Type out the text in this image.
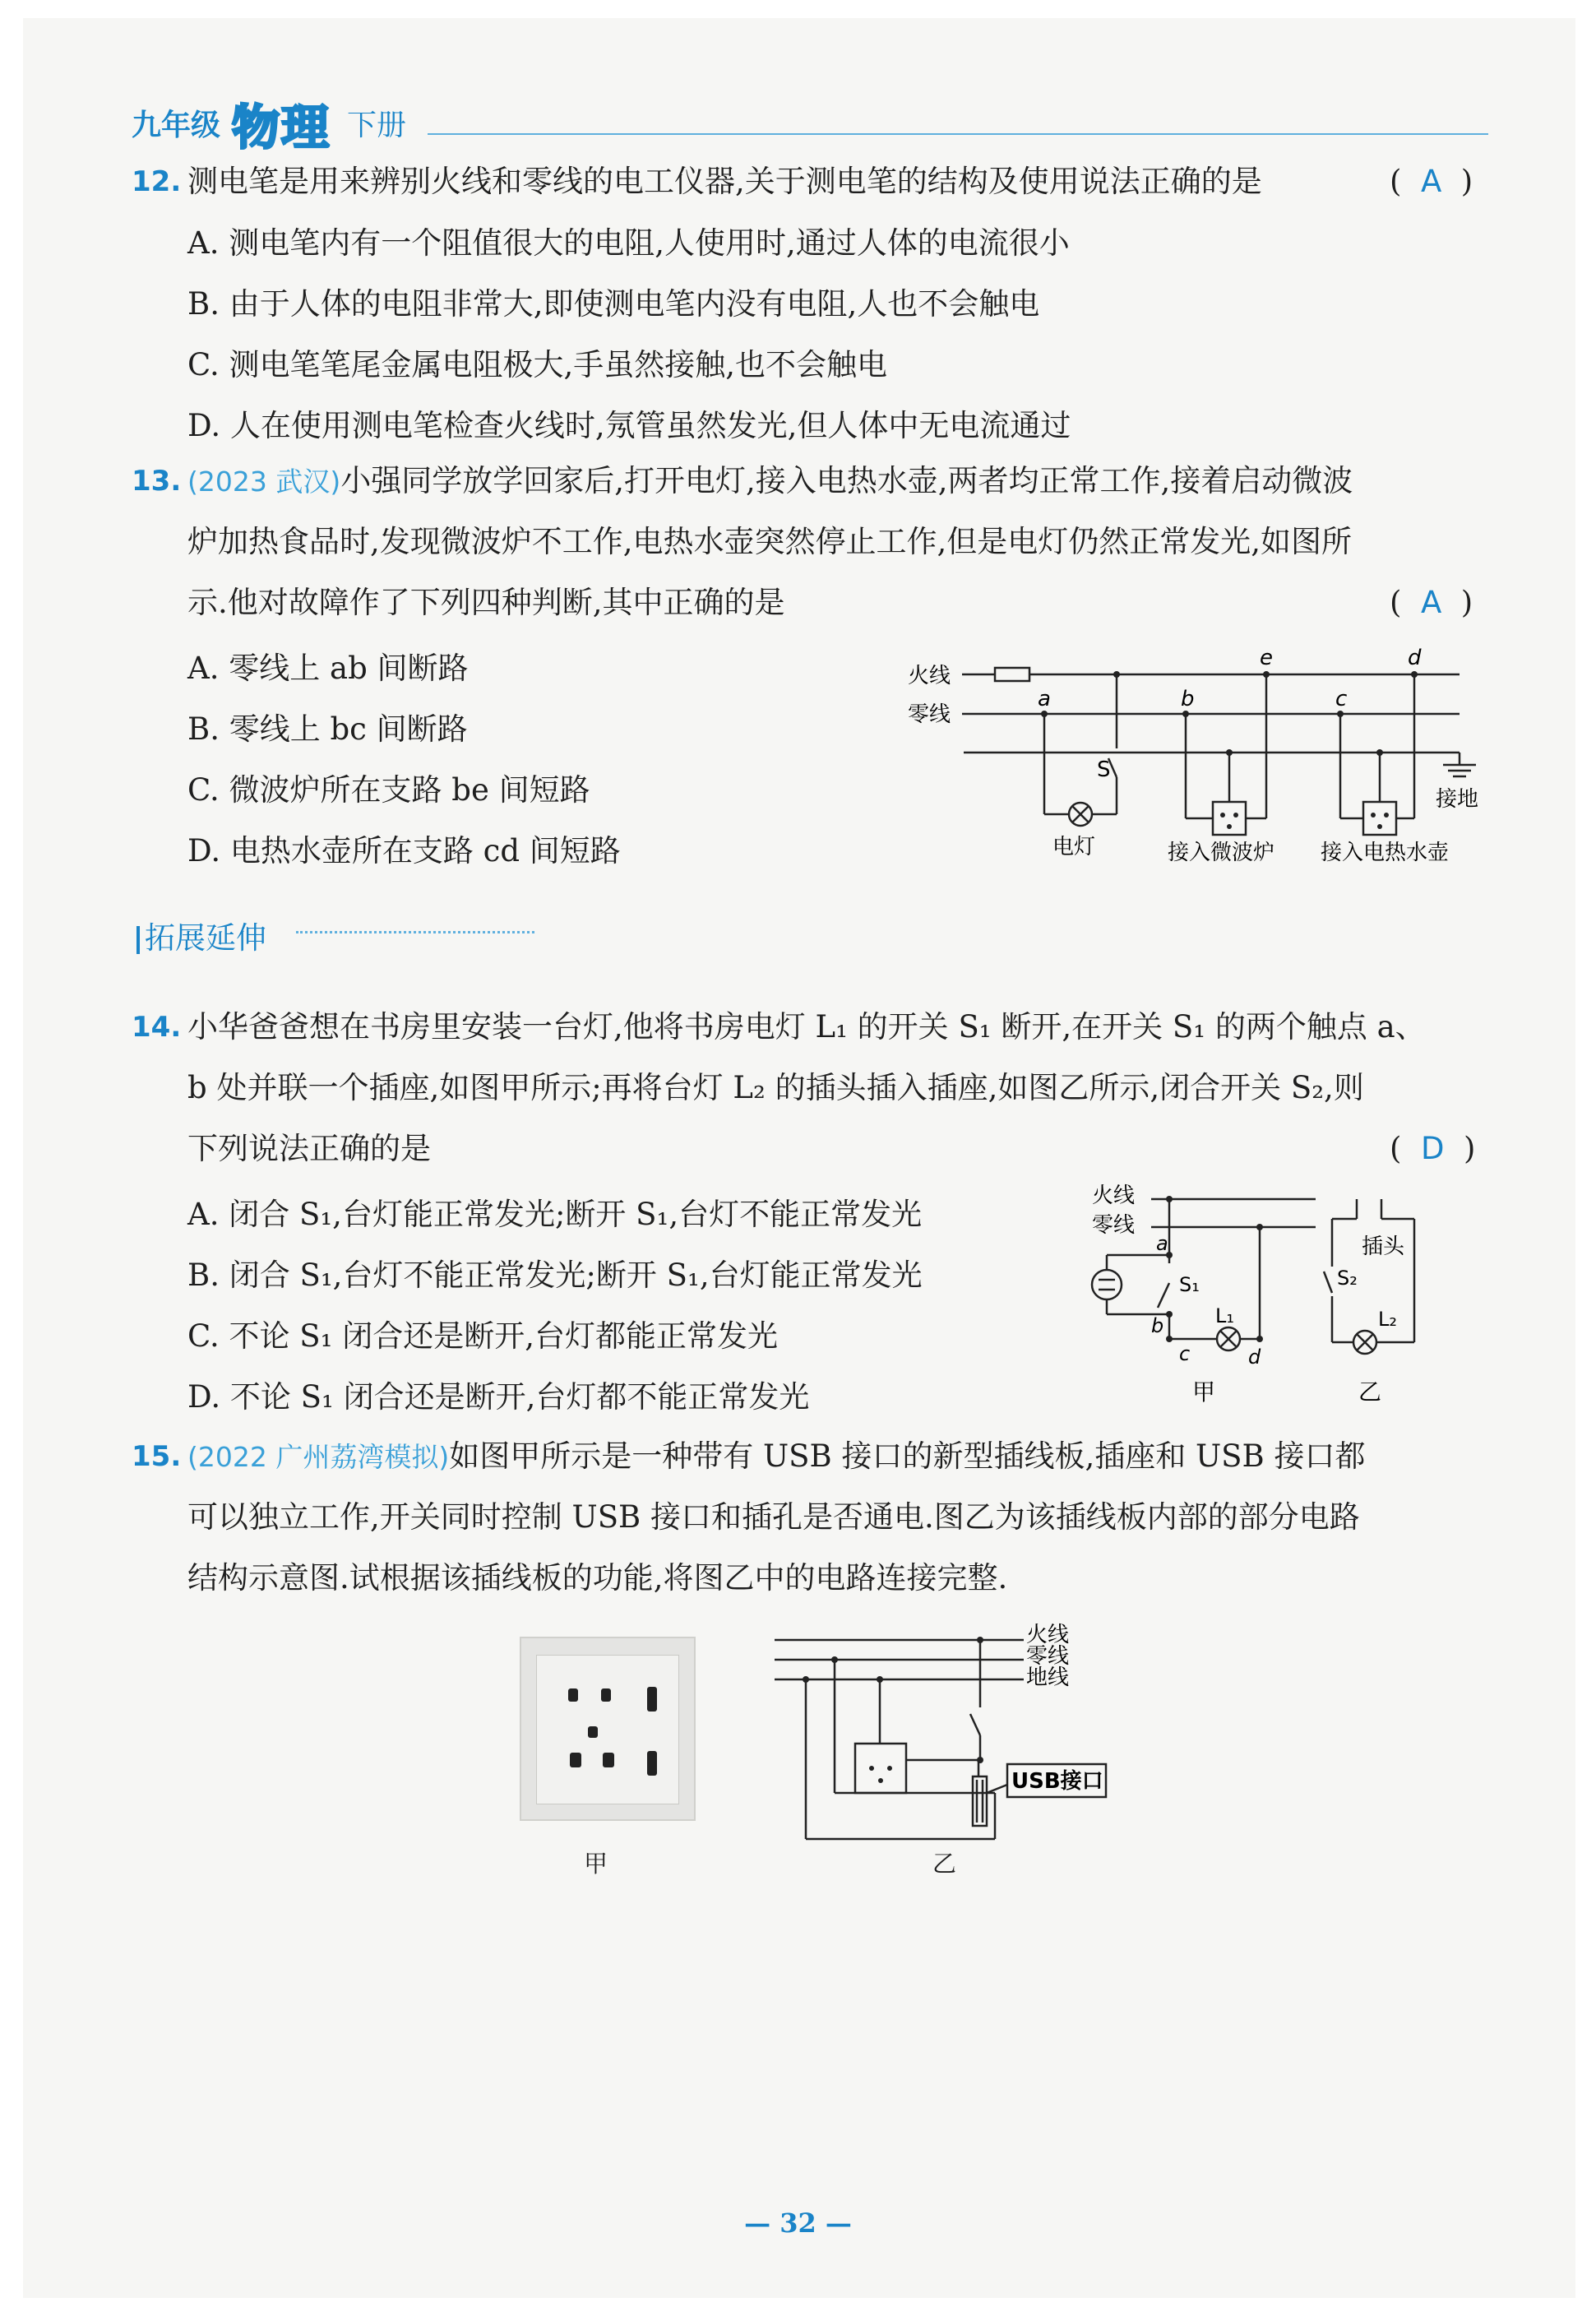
九年级 物理 下册
12. 测电笔是用来辨别火线和零线的电工仪器,关于测电笔的结构及使用说法正确的是	(  A  )
A. 测电笔内有一个阻值很大的电阻,人使用时,通过人体的电流很小
B. 由于人体的电阻非常大,即使测电笔内没有电阻,人也不会触电
C. 测电笔笔尾金属电阻极大,手虽然接触,也不会触电
D. 人在使用测电笔检查火线时,氖管虽然发光,但人体中无电流通过
13. (2023 武汉)小强同学放学回家后,打开电灯,接入电热水壶,两者均正常工作,接着启动微波
炉加热食品时,发现微波炉不工作,电热水壶突然停止工作,但是电灯仍然正常发光,如图所
示.他对故障作了下列四种判断,其中正确的是	(  A  )
A. 零线上 ab 间断路
B. 零线上 bc 间断路
C. 微波炉所在支路 be 间短路
D. 电热水壶所在支路 cd 间短路
火线
零线
a	b	c
d
e
S
电灯	接入微波炉 接入电热水壶
接地
拓展延伸
14. 小华爸爸想在书房里安装一台灯,他将书房电灯 L₁ 的开关 S₁ 断开,在开关 S₁ 的两个触点 a、
b 处并联一个插座,如图甲所示;再将台灯 L₂ 的插头插入插座,如图乙所示,闭合开关 S₂,则
下列说法正确的是	(  D  )
A. 闭合 S₁,台灯能正常发光;断开 S₁,台灯不能正常发光
B. 闭合 S₁,台灯不能正常发光;断开 S₁,台灯能正常发光
C. 不论 S₁ 闭合还是断开,台灯都能正常发光
D. 不论 S₁ 闭合还是断开,台灯都不能正常发光
火线
零线
a
b
c	d
S₁
L₁
插头
S₂
L₂
甲	乙
15. (2022 广州荔湾模拟)如图甲所示是一种带有 USB 接口的新型插线板,插座和 USB 接口都
可以独立工作,开关同时控制 USB 接口和插孔是否通电.图乙为该插线板内部的部分电路
结构示意图.试根据该插线板的功能,将图乙中的电路连接完整.
甲
火线
零线
地线
USB接口
乙
— 32 —
